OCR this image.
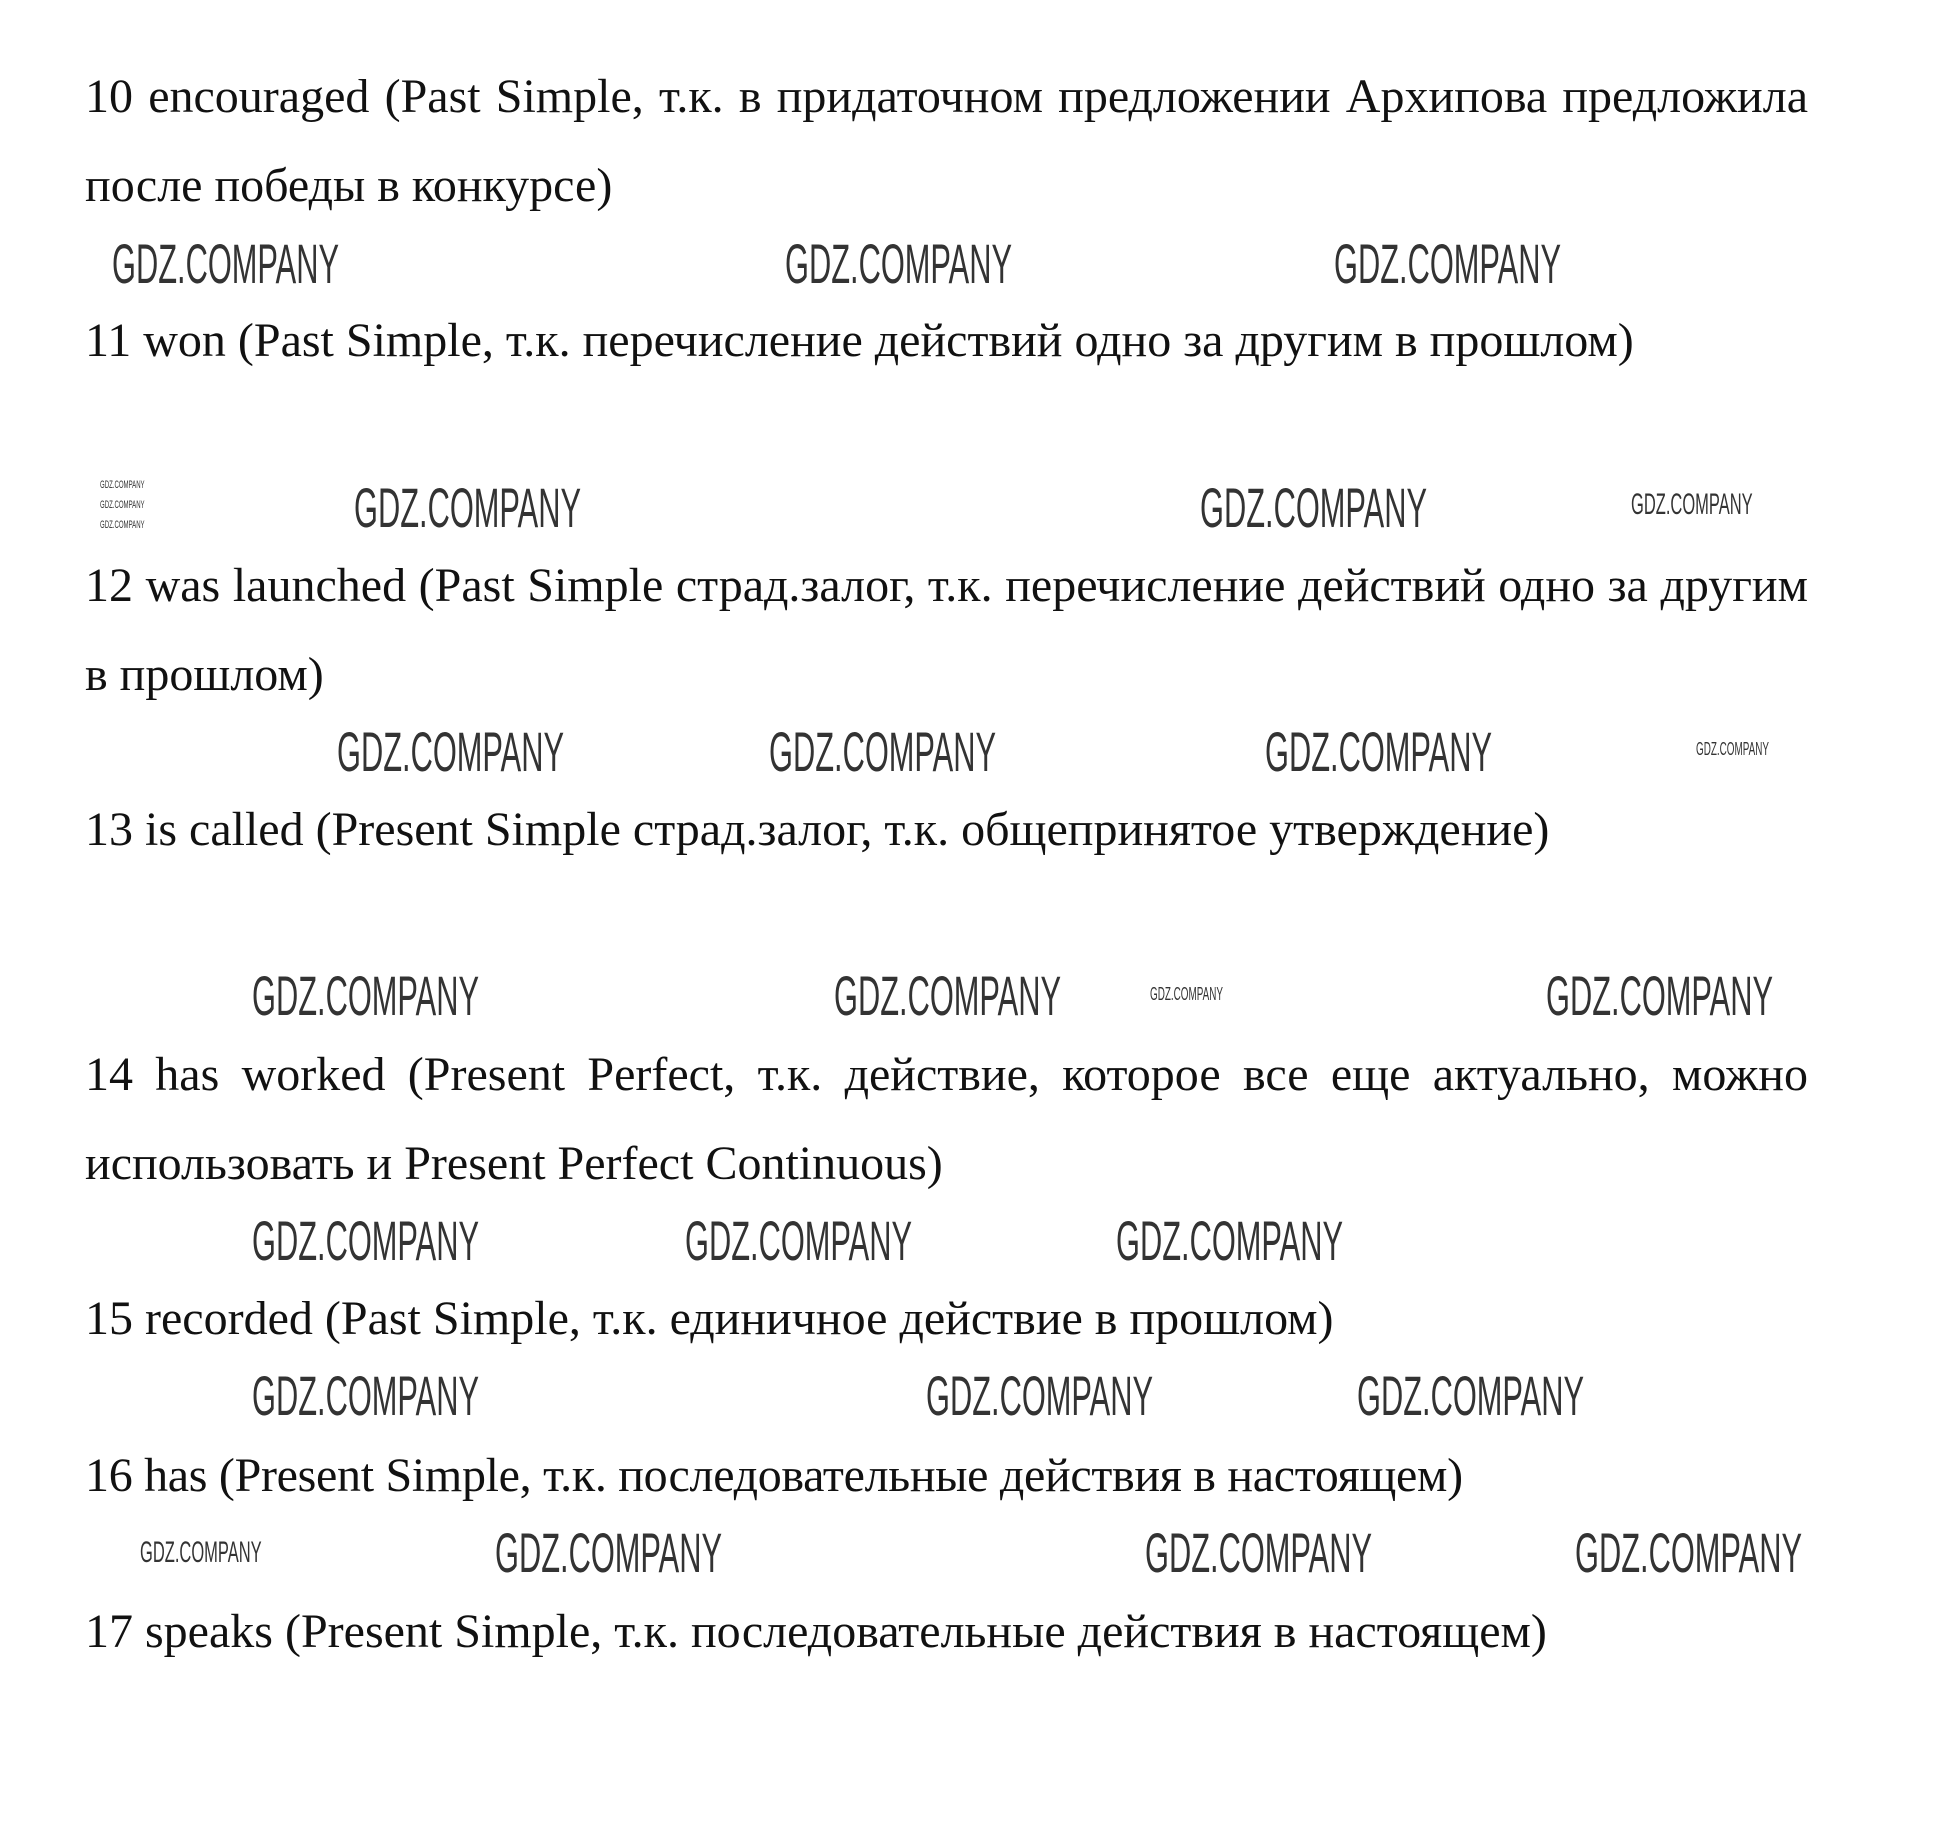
10 encouraged (Past Simple, т.к. в придаточном предложении Архипова предложила после победы в конкурсе)

11 won (Past Simple, т.к. перечисление действий одно за другим в прошлом)

12 was launched (Past Simple страд.залог, т.к. перечисление действий одно за другим в прошлом)

13 is called (Present Simple страд.залог, т.к. общепринятое утверждение)

14 has worked (Present Perfect, т.к. действие, которое все еще актуально, можно использовать и Present Perfect Continuous)

15 recorded (Past Simple, т.к. единичное действие в прошлом)

16 has (Present Simple, т.к. последовательные действия в настоящем)

17 speaks (Present Simple, т.к. последовательные действия в настоящем)

GDZ.COMPANY	GDZ.COMPANY	GDZ.COMPANY
GDZ.COMPANY	GDZ.COMPANY	GDZ.COMPANY
GDZ.COMPANY
GDZ.COMPANY
GDZ.COMPANY
GDZ.COMPANY	GDZ.COMPANY	GDZ.COMPANY	GDZ.COMPANY
GDZ.COMPANY	GDZ.COMPANY	GDZ.COMPANY	GDZ.COMPANY
GDZ.COMPANY	GDZ.COMPANY	GDZ.COMPANY
GDZ.COMPANY	GDZ.COMPANY	GDZ.COMPANY
GDZ.COMPANY	GDZ.COMPANY	GDZ.COMPANY	GDZ.COMPANY
